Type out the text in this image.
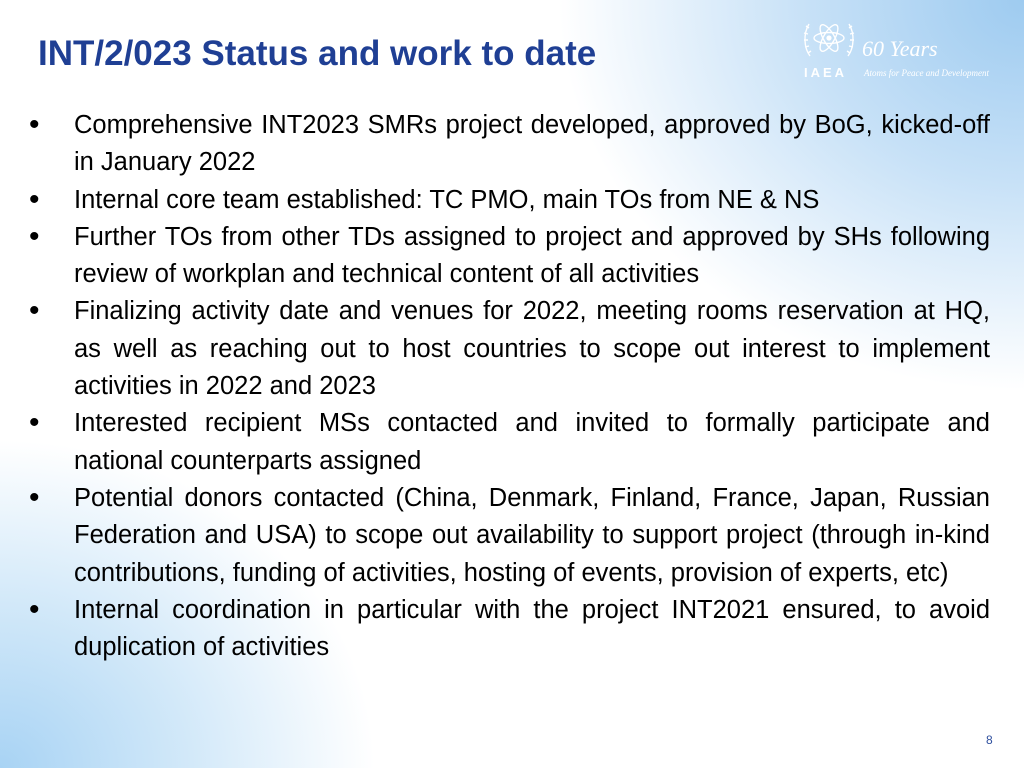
INT/2/023 Status and work to date	60 Years
IAEA Atoms for Peace and Development
• Comprehensive INT2023 SMRs project developed, approved by BoG, kicked-off in January 2022
• Internal core team established: TC PMO, main TOs from NE & NS
• Further TOs from other TDs assigned to project and approved by SHs following review of workplan and technical content of all activities
• Finalizing activity date and venues for 2022, meeting rooms reservation at HQ, as well as reaching out to host countries to scope out interest to implement activities in 2022 and 2023
• Interested recipient MSs contacted and invited to formally participate and national counterparts assigned
• Potential donors contacted (China, Denmark, Finland, France, Japan, Russian Federation and USA) to scope out availability to support project (through in-kind contributions, funding of activities, hosting of events, provision of experts, etc)
• Internal coordination in particular with the project INT2021 ensured, to avoid duplication of activities
8
